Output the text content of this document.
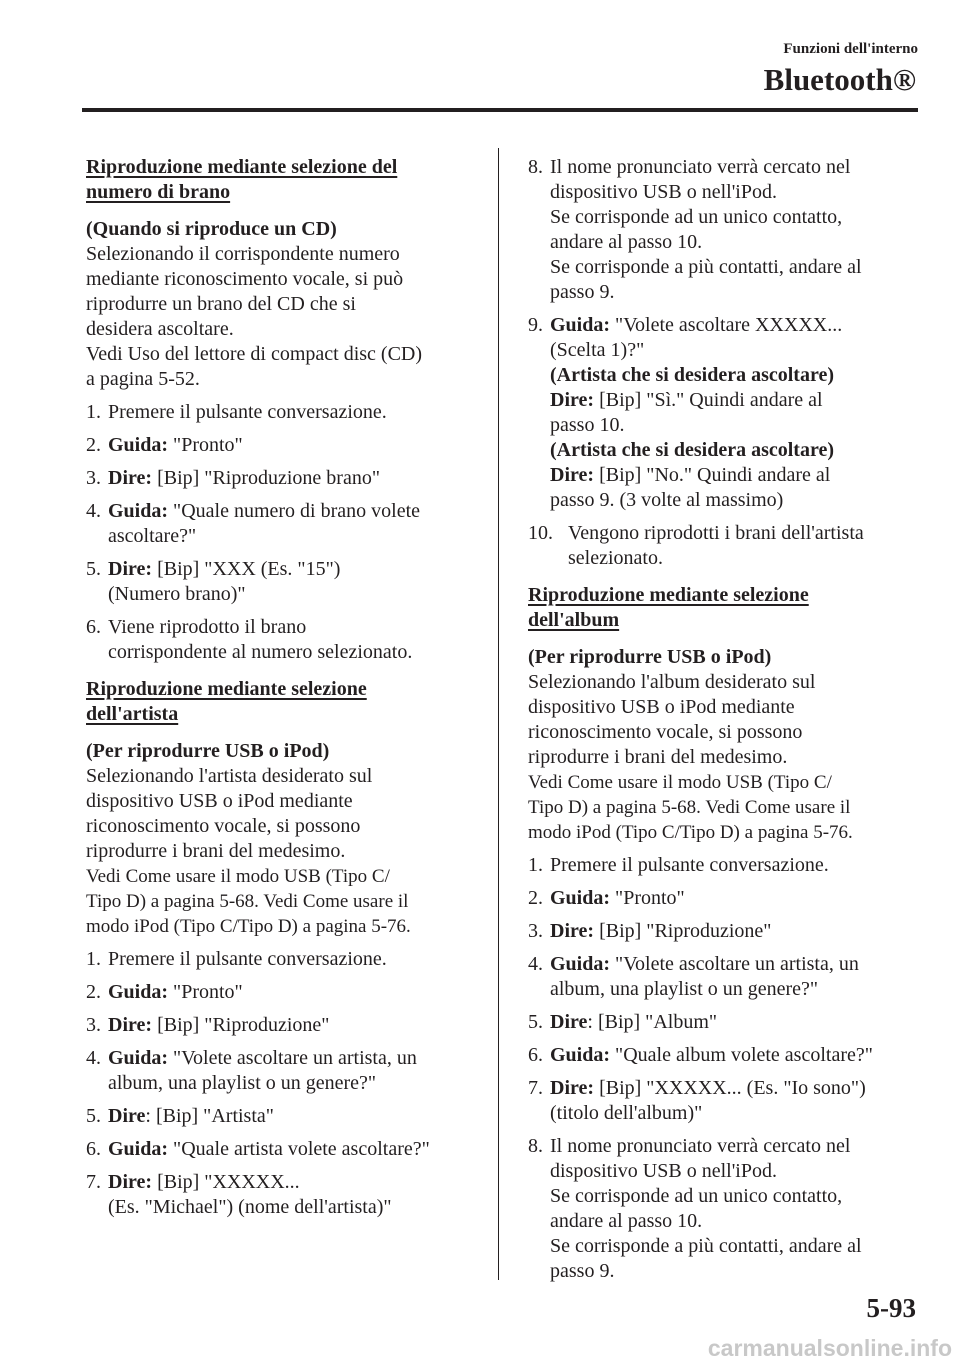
Funzioni dell'interno
Bluetooth®
Riproduzione mediante selezione del
numero di brano
(Quando si riproduce un CD)
Selezionando il corrispondente numero
mediante riconoscimento vocale, si può
riprodurre un brano del CD che si
desidera ascoltare.
Vedi Uso del lettore di compact disc (CD)
a pagina 5-52.
1. Premere il pulsante conversazione.
2. Guida: "Pronto"
3. Dire: [Bip] "Riproduzione brano"
4. Guida: "Quale numero di brano volete
ascoltare?"
5. Dire: [Bip] "XXX (Es. "15")
(Numero brano)"
6. Viene riprodotto il brano
corrispondente al numero selezionato.
Riproduzione mediante selezione
dell'artista
(Per riprodurre USB o iPod)
Selezionando l'artista desiderato sul
dispositivo USB o iPod mediante
riconoscimento vocale, si possono
riprodurre i brani del medesimo.
Vedi Come usare il modo USB (Tipo C/
Tipo D) a pagina 5-68. Vedi Come usare il
modo iPod (Tipo C/Tipo D) a pagina 5-76.
1. Premere il pulsante conversazione.
2. Guida: "Pronto"
3. Dire: [Bip] "Riproduzione"
4. Guida: "Volete ascoltare un artista, un
album, una playlist o un genere?"
5. Dire: [Bip] "Artista"
6. Guida: "Quale artista volete ascoltare?"
7. Dire: [Bip] "XXXXX...
(Es. "Michael") (nome dell'artista)"
8. Il nome pronunciato verrà cercato nel
dispositivo USB o nell'iPod.
Se corrisponde ad un unico contatto,
andare al passo 10.
Se corrisponde a più contatti, andare al
passo 9.
9. Guida: "Volete ascoltare XXXXX...
(Scelta 1)?"
(Artista che si desidera ascoltare)
Dire: [Bip] "Sì." Quindi andare al
passo 10.
(Artista che si desidera ascoltare)
Dire: [Bip] "No." Quindi andare al
passo 9. (3 volte al massimo)
10. Vengono riprodotti i brani dell'artista
selezionato.
Riproduzione mediante selezione
dell'album
(Per riprodurre USB o iPod)
Selezionando l'album desiderato sul
dispositivo USB o iPod mediante
riconoscimento vocale, si possono
riprodurre i brani del medesimo.
Vedi Come usare il modo USB (Tipo C/
Tipo D) a pagina 5-68. Vedi Come usare il
modo iPod (Tipo C/Tipo D) a pagina 5-76.
1. Premere il pulsante conversazione.
2. Guida: "Pronto"
3. Dire: [Bip] "Riproduzione"
4. Guida: "Volete ascoltare un artista, un
album, una playlist o un genere?"
5. Dire: [Bip] "Album"
6. Guida: "Quale album volete ascoltare?"
7. Dire: [Bip] "XXXXX... (Es. "Io sono")
(titolo dell'album)"
8. Il nome pronunciato verrà cercato nel
dispositivo USB o nell'iPod.
Se corrisponde ad un unico contatto,
andare al passo 10.
Se corrisponde a più contatti, andare al
passo 9.
5-93
carmanualsonline.info
